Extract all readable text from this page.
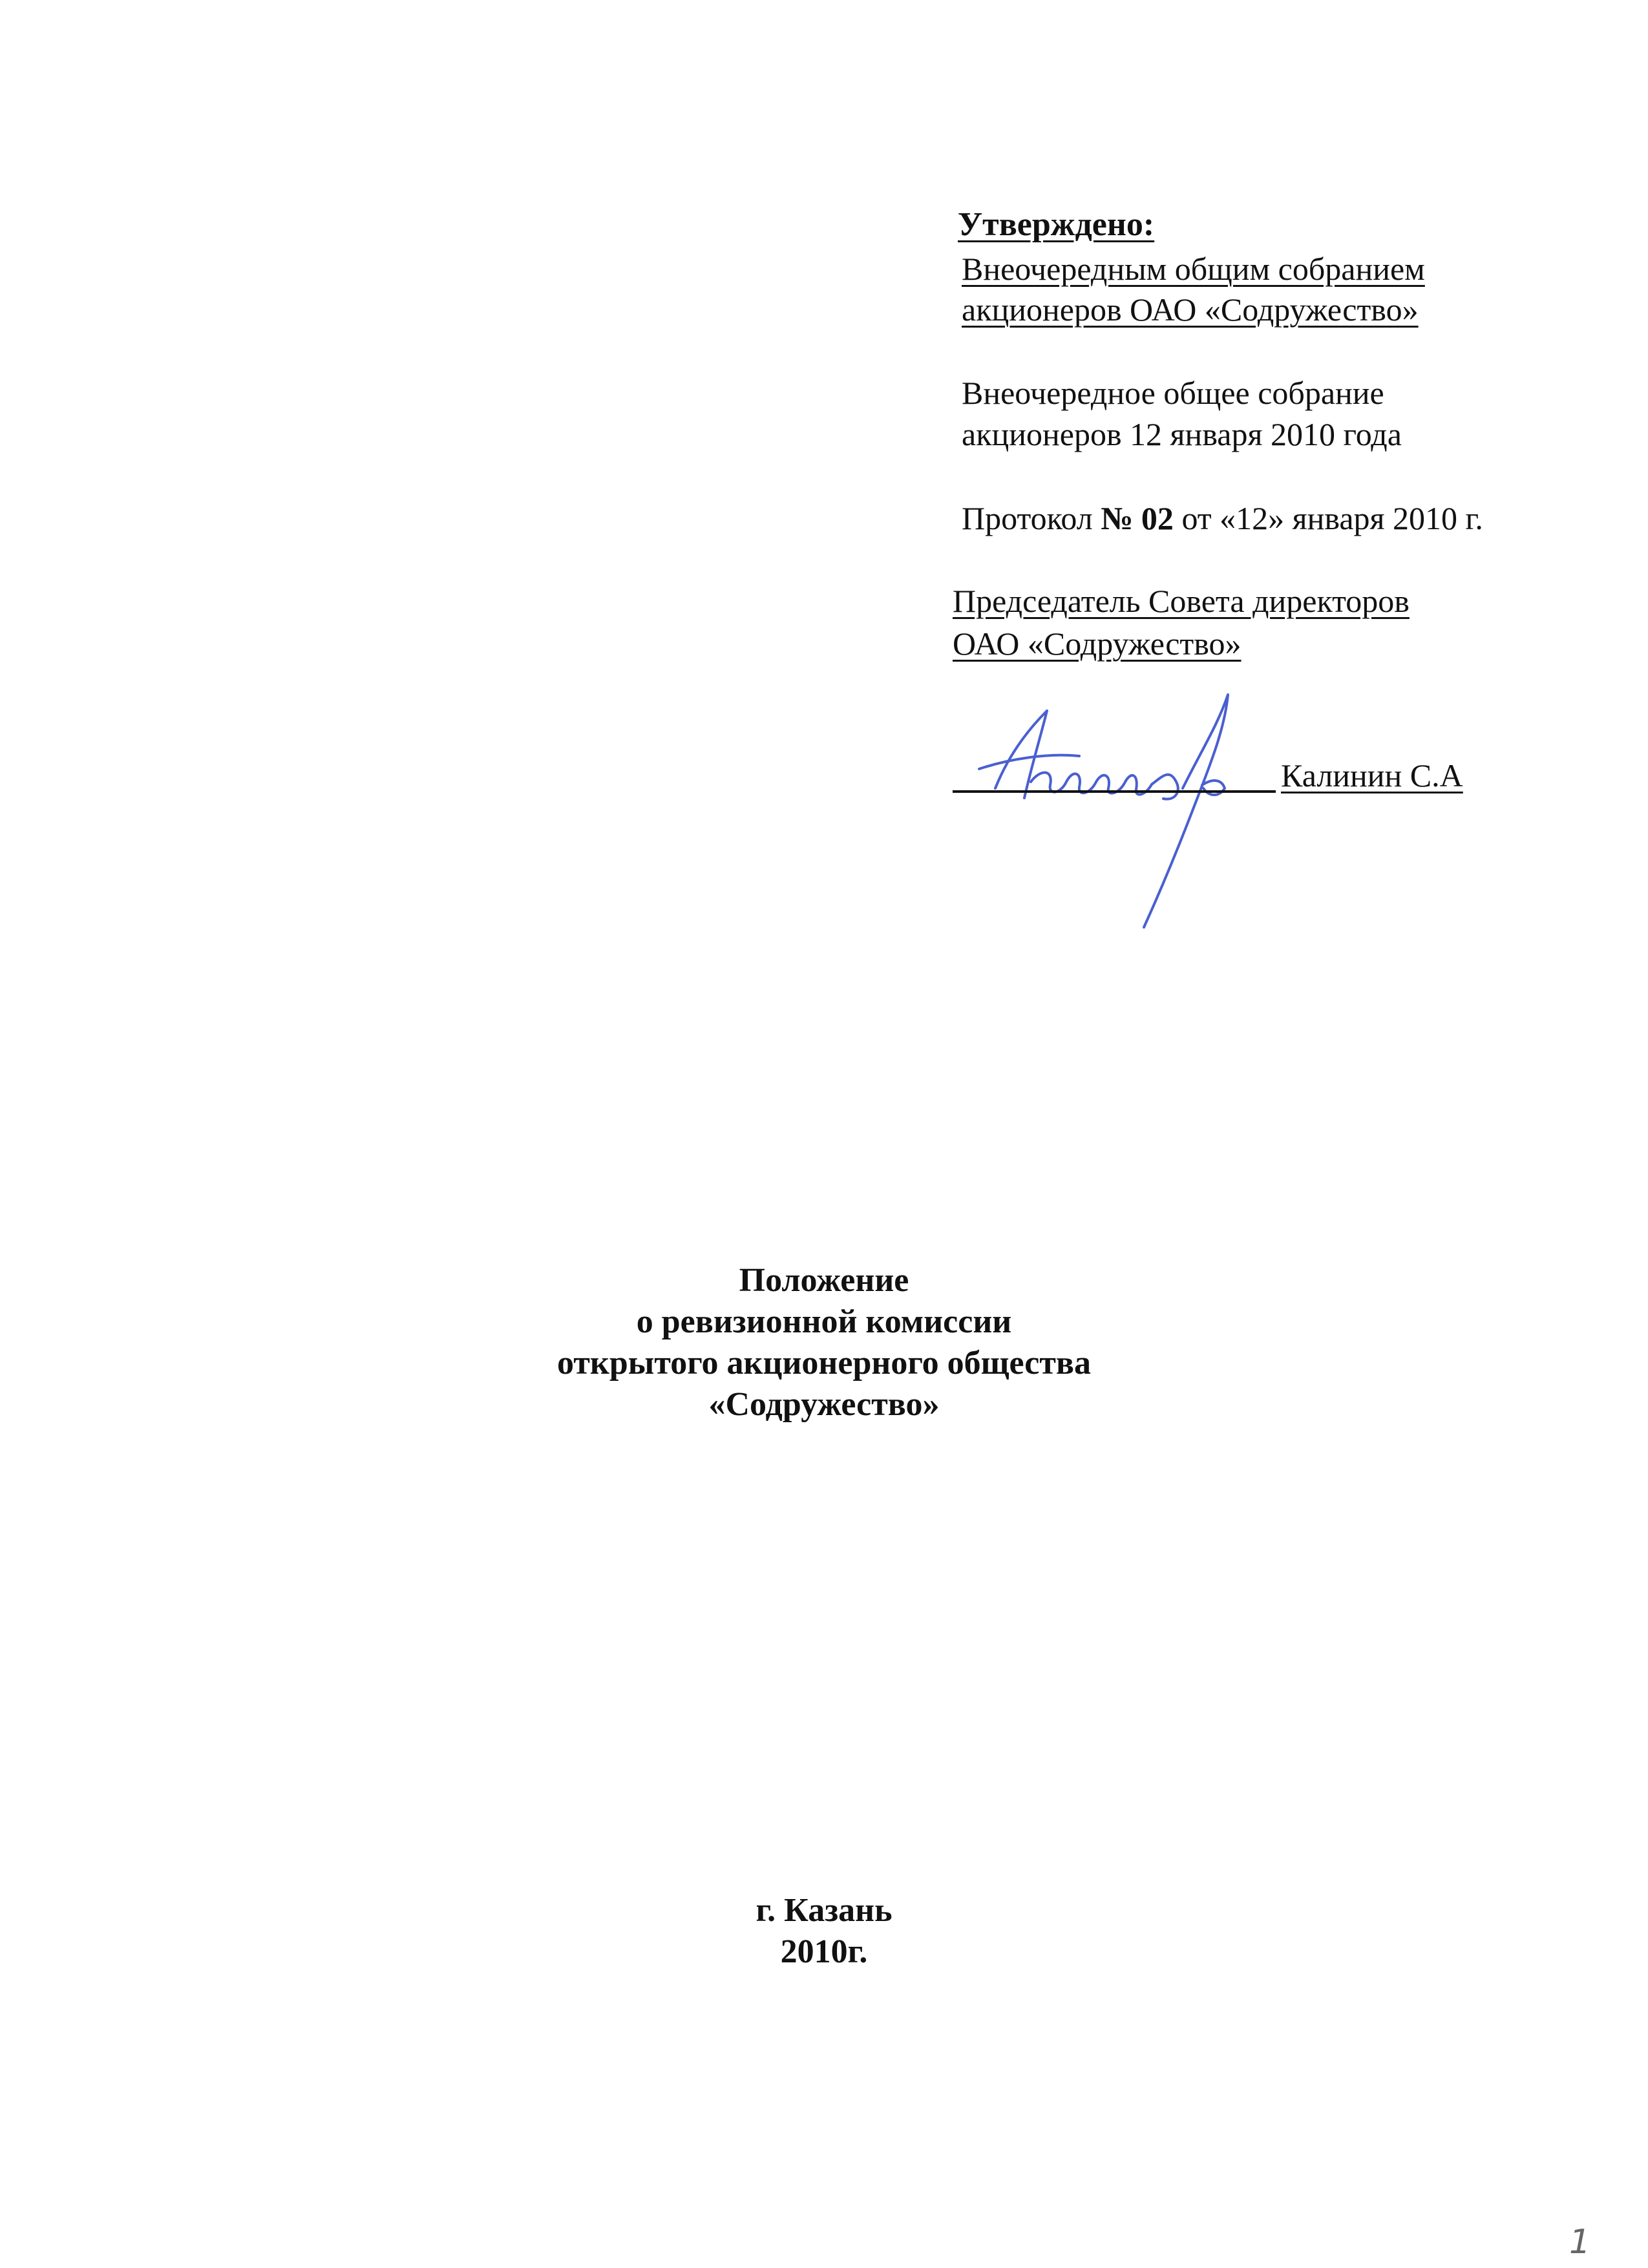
Утверждено:
Внеочередным общим собранием
акционеров ОАО «Содружество»
Внеочередное общее собрание
акционеров 12 января 2010 года
Протокол № 02 от «12» января 2010 г.
Председатель Совета директоров
ОАО «Содружество»
Калинин С.А
Положение
о ревизионной комиссии
открытого акционерного общества
«Содружество»
г. Казань
2010г.
1
